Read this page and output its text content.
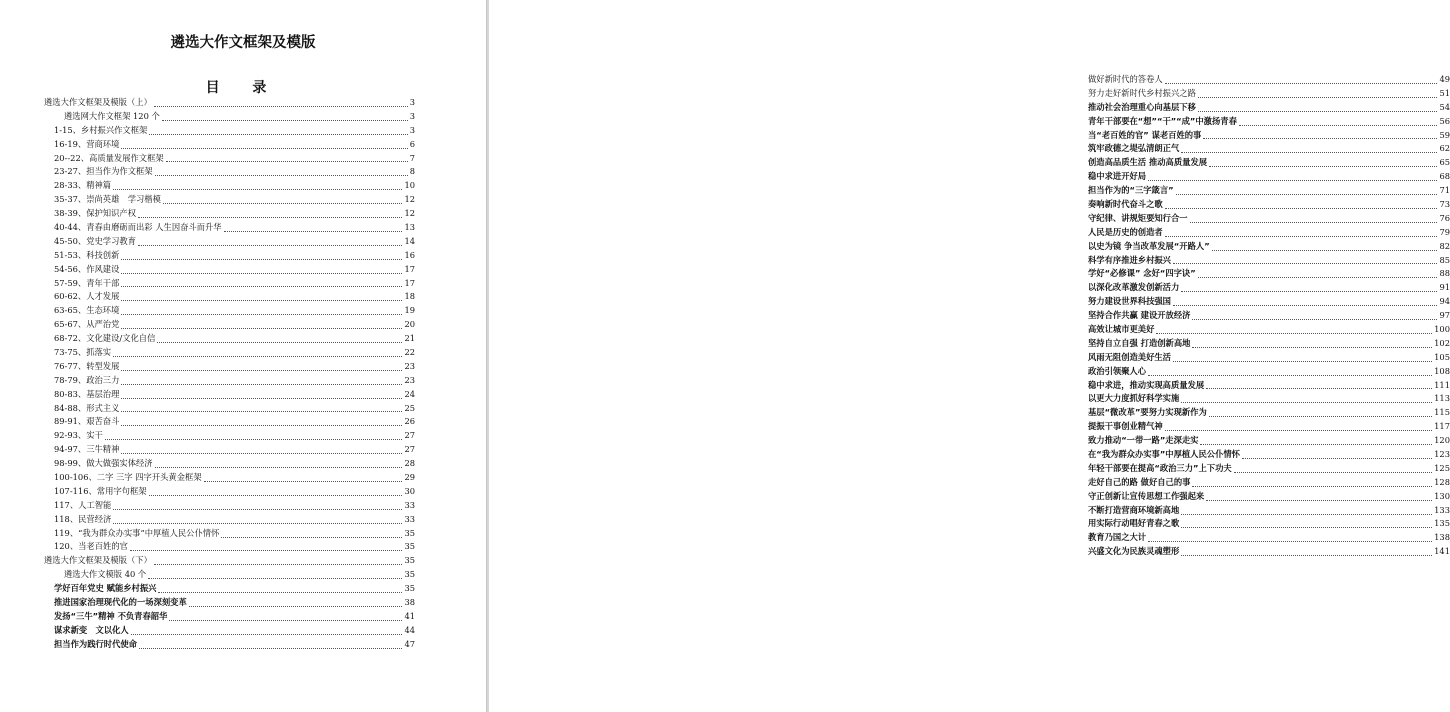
遴选大作文框架及模版
目 录
遴选大作文框架及模版（上）	3
遴选网大作文框架 120 个	3
1-15、乡村振兴作文框架	3
16-19、营商环境	6
20--22、高质量发展作文框架	7
23-27、担当作为作文框架	8
28-33、精神篇	10
35-37、崇尚英雄　学习楷模	12
38-39、保护知识产权	12
40-44、青春由磨砺而出彩 人生因奋斗而升华	13
45-50、党史学习教育	14
51-53、科技创新	16
54-56、作风建设	17
57-59、青年干部	17
60-62、人才发展	18
63-65、生态环境	19
65-67、从严治党	20
68-72、文化建设/文化自信	21
73-75、抓落实	22
76-77、转型发展	23
78-79、政治三力	23
80-83、基层治理	24
84-88、形式主义	25
89-91、艰苦奋斗	26
92-93、实干	27
94-97、三牛精神	27
98-99、做大做强实体经济	28
100-106、二字 三字 四字开头黄金框架	29
107-116、常用字句框架	30
117、人工智能	33
118、民营经济	33
119、“我为群众办实事”中厚植人民公仆情怀	35
120、当老百姓的官	35
遴选大作文框架及模版（下）	35
遴选大作文模版 40 个	35
学好百年党史 赋能乡村振兴	35
推进国家治理现代化的一场深刻变革	38
发扬“三牛”精神 不负青春韶华	41
谋求新变　文以化人	44
担当作为践行时代使命	47
做好新时代的答卷人	49
努力走好新时代乡村振兴之路	51
推动社会治理重心向基层下移	54
青年干部要在“想”“干”“成”中激扬青春	56
当“老百姓的官” 谋老百姓的事	59
筑牢政德之堤弘清朗正气	62
创造高品质生活 推动高质量发展	65
稳中求进开好局	68
担当作为的“三字箴言”	71
奏响新时代奋斗之歌	73
守纪律、讲规矩要知行合一	76
人民是历史的创造者	79
以史为镜 争当改革发展“开路人”	82
科学有序推进乡村振兴	85
学好“必修课” 念好“四字诀”	88
以深化改革激发创新活力	91
努力建设世界科技强国	94
坚持合作共赢 建设开放经济	97
高效让城市更美好	100
坚持自立自强 打造创新高地	102
风雨无阻创造美好生活	105
政治引领聚人心	108
稳中求进，推动实现高质量发展	111
以更大力度抓好科学实施	113
基层“微改革”要努力实现新作为	115
提振干事创业精气神	117
致力推动“一带一路”走深走实	120
在“我为群众办实事”中厚植人民公仆情怀	123
年轻干部要在提高“政治三力”上下功夫	125
走好自己的路 做好自己的事	128
守正创新让宣传思想工作强起来	130
不断打造营商环境新高地	133
用实际行动唱好青春之歌	135
教育乃国之大计	138
兴盛文化为民族灵魂塑形	141
